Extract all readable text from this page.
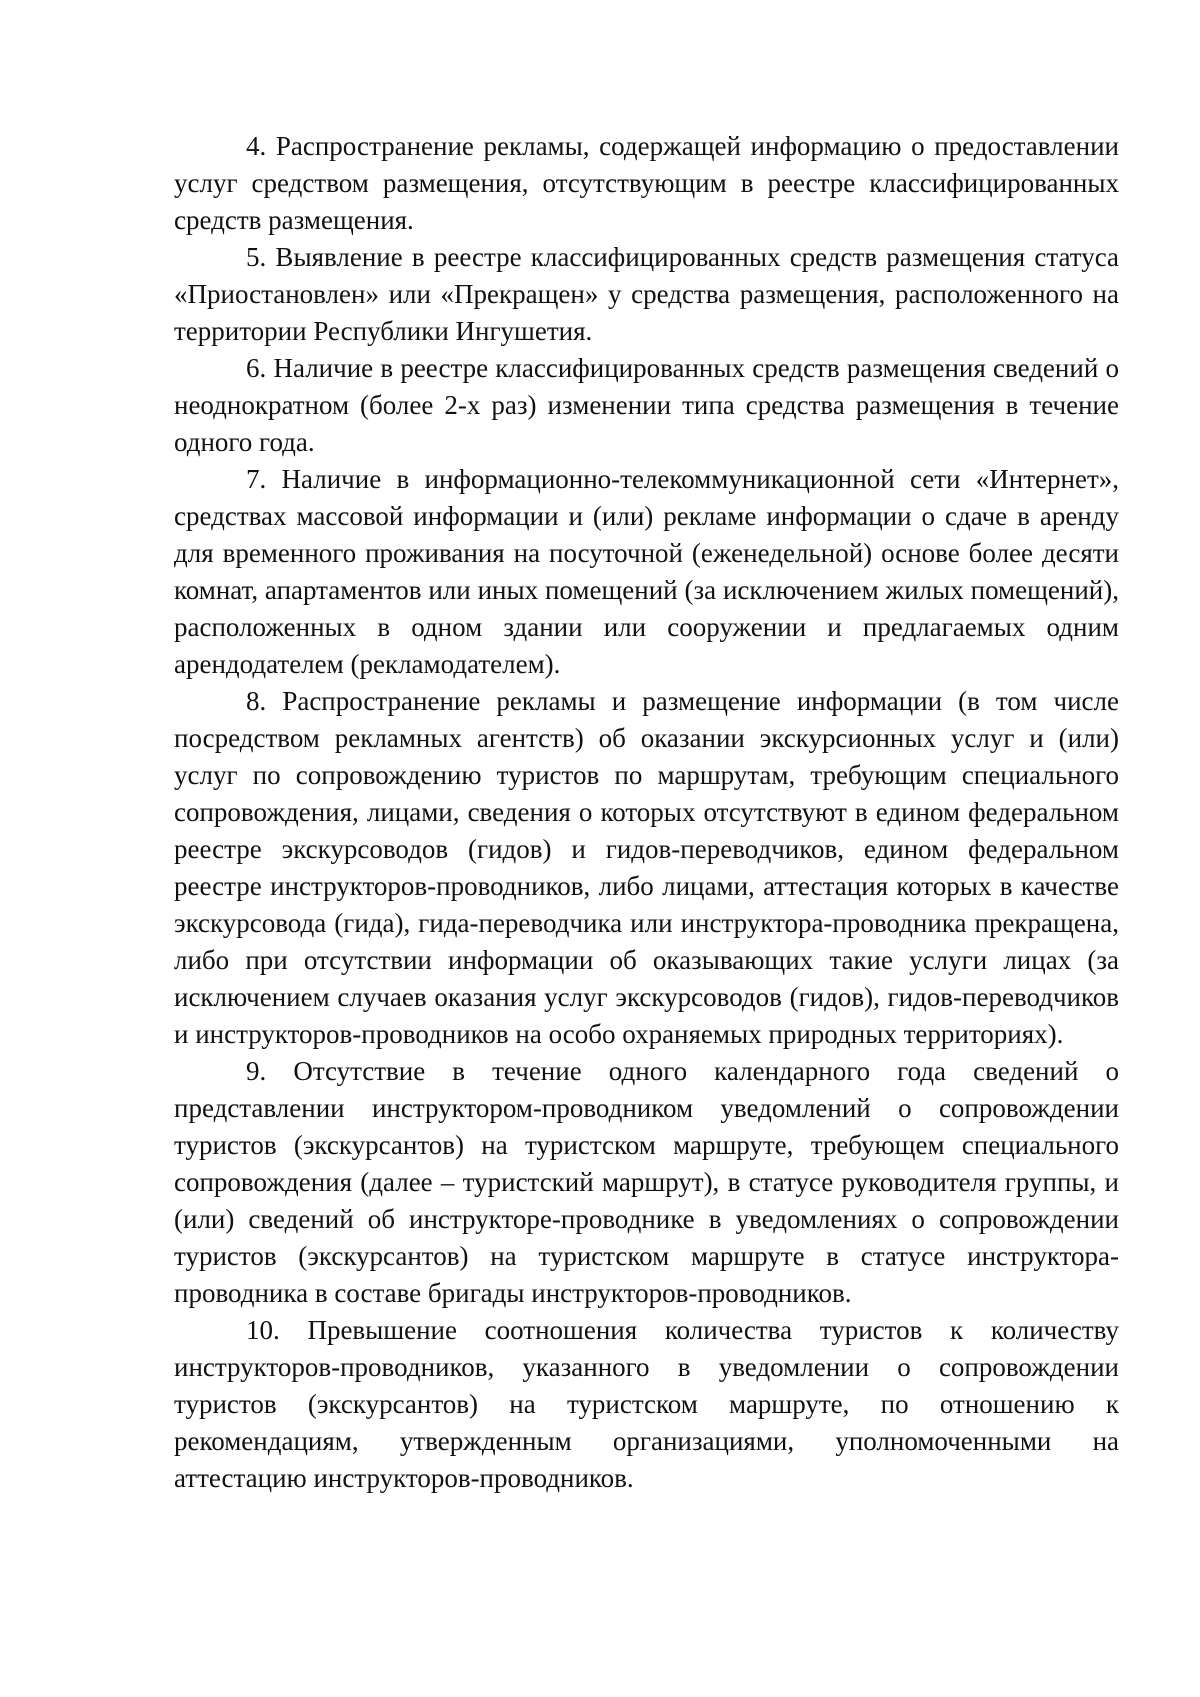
4. Распространение рекламы, содержащей информацию о предоставлении услуг средством размещения, отсутствующим в реестре классифицированных средств размещения.

5. Выявление в реестре классифицированных средств размещения статуса «Приостановлен» или «Прекращен» у средства размещения, расположенного на территории Республики Ингушетия.

6. Наличие в реестре классифицированных средств размещения сведений о неоднократном (более 2-х раз) изменении типа средства размещения в течение одного года.

7. Наличие в информационно-телекоммуникационной сети «Интернет», средствах массовой информации и (или) рекламе информации о сдаче в аренду для временного проживания на посуточной (еженедельной) основе более десяти комнат, апартаментов или иных помещений (за исключением жилых помещений), расположенных в одном здании или сооружении и предлагаемых одним арендодателем (рекламодателем).

8. Распространение рекламы и размещение информации (в том числе посредством рекламных агентств) об оказании экскурсионных услуг и (или) услуг по сопровождению туристов по маршрутам, требующим специального сопровождения, лицами, сведения о которых отсутствуют в едином федеральном реестре экскурсоводов (гидов) и гидов-переводчиков, едином федеральном реестре инструкторов-проводников, либо лицами, аттестация которых в качестве экскурсовода (гида), гида-переводчика или инструктора-проводника прекращена, либо при отсутствии информации об оказывающих такие услуги лицах (за исключением случаев оказания услуг экскурсоводов (гидов), гидов-переводчиков и инструкторов-проводников на особо охраняемых природных территориях).

9. Отсутствие в течение одного календарного года сведений о представлении инструктором-проводником уведомлений о сопровождении туристов (экскурсантов) на туристском маршруте, требующем специального сопровождения (далее – туристский маршрут), в статусе руководителя группы, и (или) сведений об инструкторе-проводнике в уведомлениях о сопровождении туристов (экскурсантов) на туристском маршруте в статусе инструктора-проводника в составе бригады инструкторов-проводников.

10. Превышение соотношения количества туристов к количеству инструкторов-проводников, указанного в уведомлении о сопровождении туристов (экскурсантов) на туристском маршруте, по отношению к рекомендациям, утвержденным организациями, уполномоченными на аттестацию инструкторов-проводников.
